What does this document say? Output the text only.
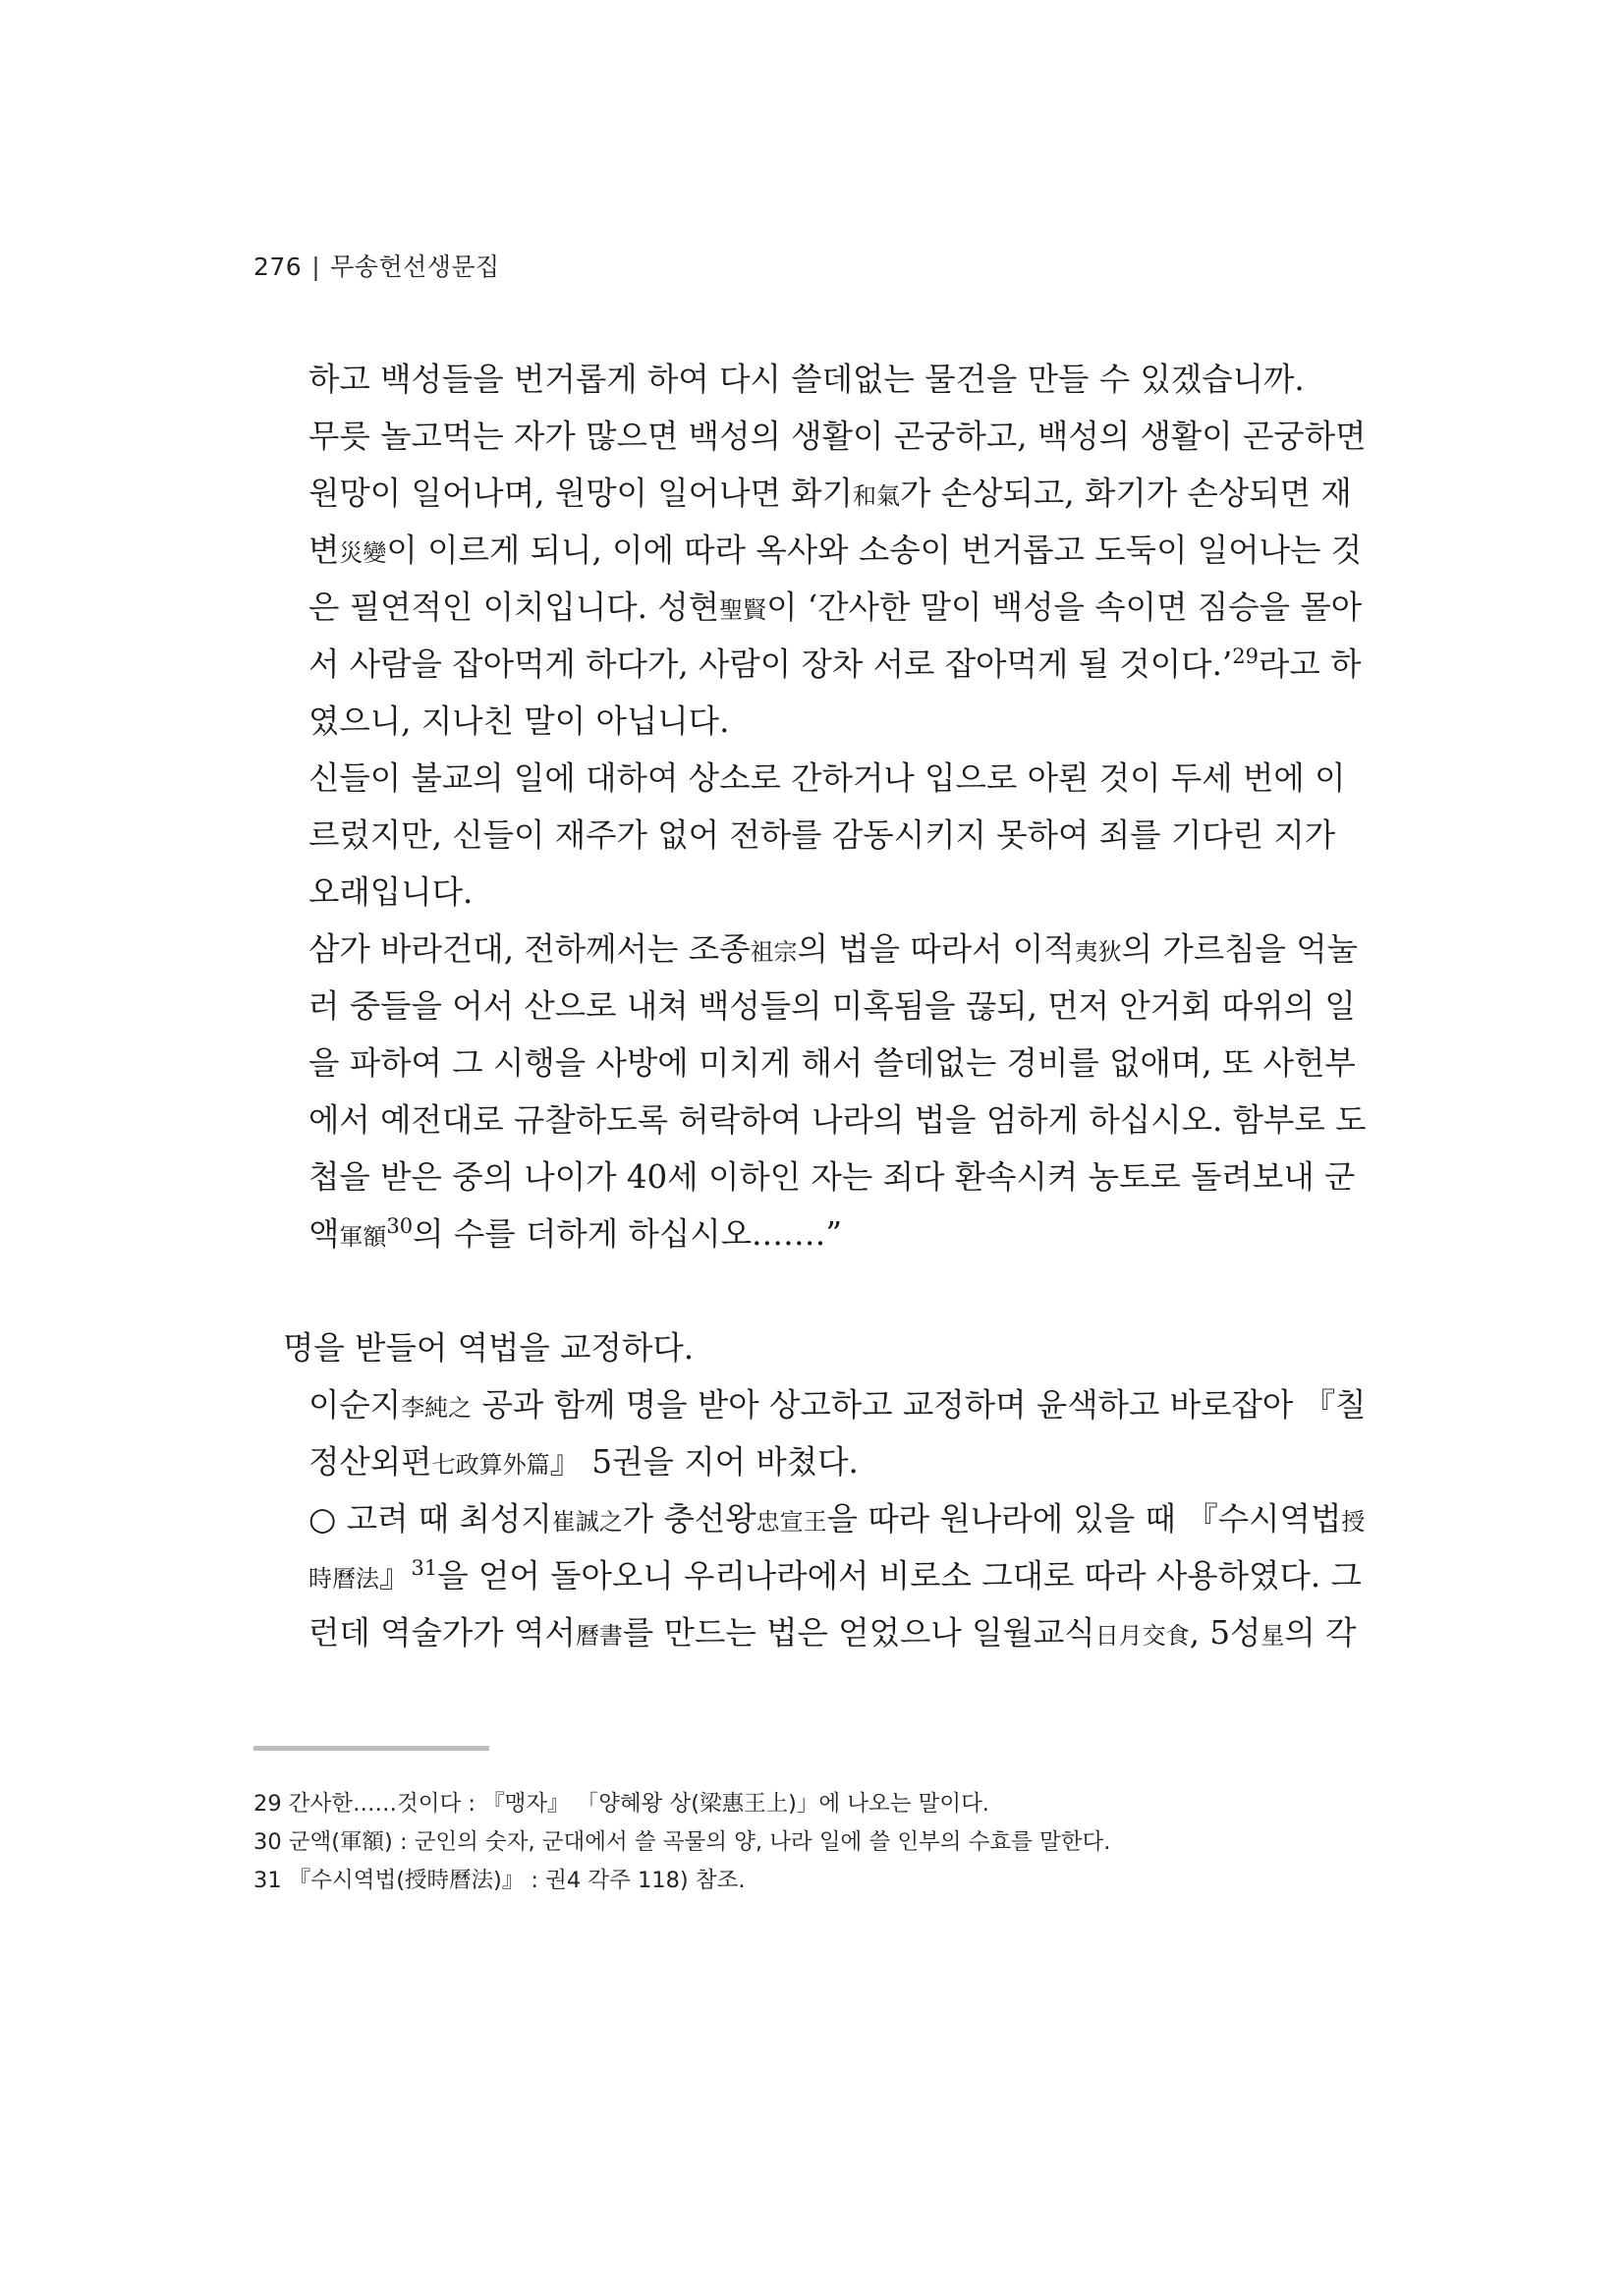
276 | 무송헌선생문집
하고 백성들을 번거롭게 하여 다시 쓸데없는 물건을 만들 수 있겠습니까.
무릇 놀고먹는 자가 많으면 백성의 생활이 곤궁하고, 백성의 생활이 곤궁하면
원망이 일어나며, 원망이 일어나면 화기和氣가 손상되고, 화기가 손상되면 재
변災變이 이르게 되니, 이에 따라 옥사와 소송이 번거롭고 도둑이 일어나는 것
은 필연적인 이치입니다. 성현聖賢이 ‘간사한 말이 백성을 속이면 짐승을 몰아
서 사람을 잡아먹게 하다가, 사람이 장차 서로 잡아먹게 될 것이다.’$^{29}$라고 하
였으니, 지나친 말이 아닙니다.
신들이 불교의 일에 대하여 상소로 간하거나 입으로 아뢴 것이 두세 번에 이
르렀지만, 신들이 재주가 없어 전하를 감동시키지 못하여 죄를 기다린 지가
오래입니다.
삼가 바라건대, 전하께서는 조종祖宗의 법을 따라서 이적夷狄의 가르침을 억눌
러 중들을 어서 산으로 내쳐 백성들의 미혹됨을 끊되, 먼저 안거회 따위의 일
을 파하여 그 시행을 사방에 미치게 해서 쓸데없는 경비를 없애며, 또 사헌부
에서 예전대로 규찰하도록 허락하여 나라의 법을 엄하게 하십시오. 함부로 도
첩을 받은 중의 나이가 40세 이하인 자는 죄다 환속시켜 농토로 돌려보내 군
액軍額$^{30}$의 수를 더하게 하십시오.……”
명을 받들어 역법을 교정하다.
이순지李純之 공과 함께 명을 받아 상고하고 교정하며 윤색하고 바로잡아 『칠
정산외편七政算外篇』 5권을 지어 바쳤다.
○ 고려 때 최성지崔誠之가 충선왕忠宣王을 따라 원나라에 있을 때 『수시역법授
時曆法』$^{31}$을 얻어 돌아오니 우리나라에서 비로소 그대로 따라 사용하였다. 그
런데 역술가가 역서曆書를 만드는 법은 얻었으나 일월교식日月交食, 5성星의 각
29 간사한……것이다 : 『맹자』 「양혜왕 상(梁惠王上)」에 나오는 말이다.
30 군액(軍額) : 군인의 숫자, 군대에서 쓸 곡물의 양, 나라 일에 쓸 인부의 수효를 말한다.
31 『수시역법(授時曆法)』 : 권4 각주 118) 참조.
